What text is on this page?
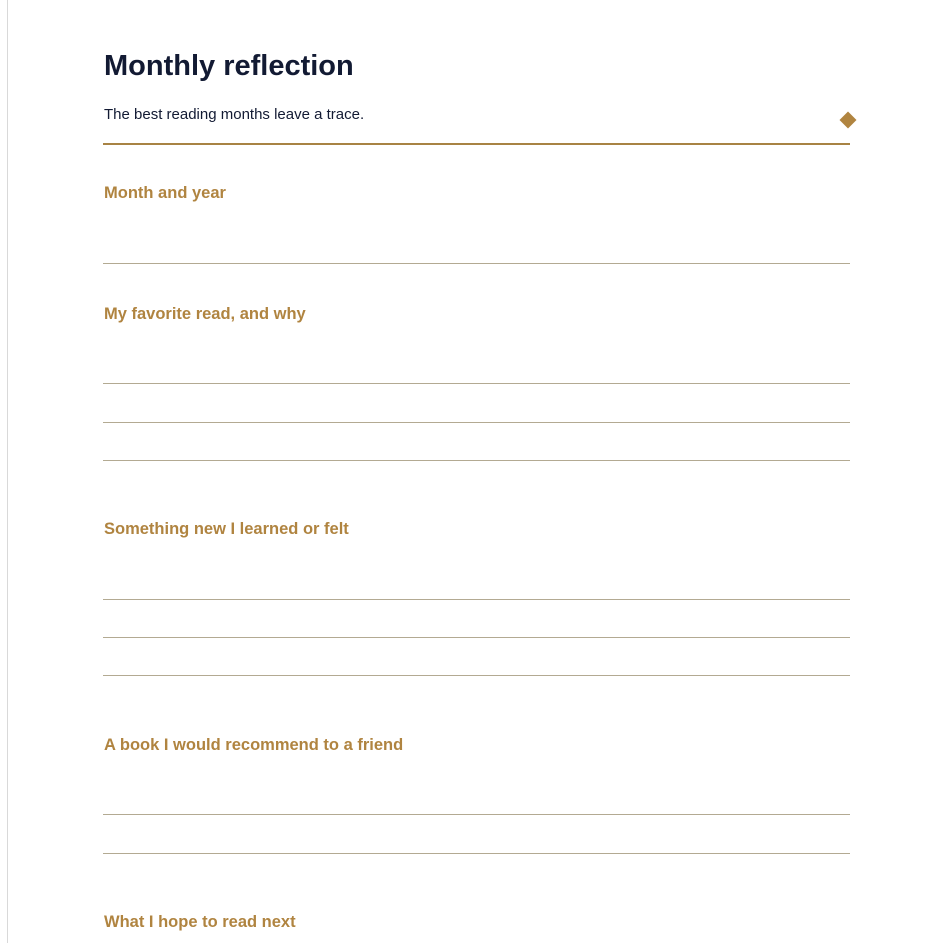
Monthly reflection

The best reading months leave a trace.

Month and year
My favorite read, and why
Something new I learned or felt
A book I would recommend to a friend
What I hope to read next
